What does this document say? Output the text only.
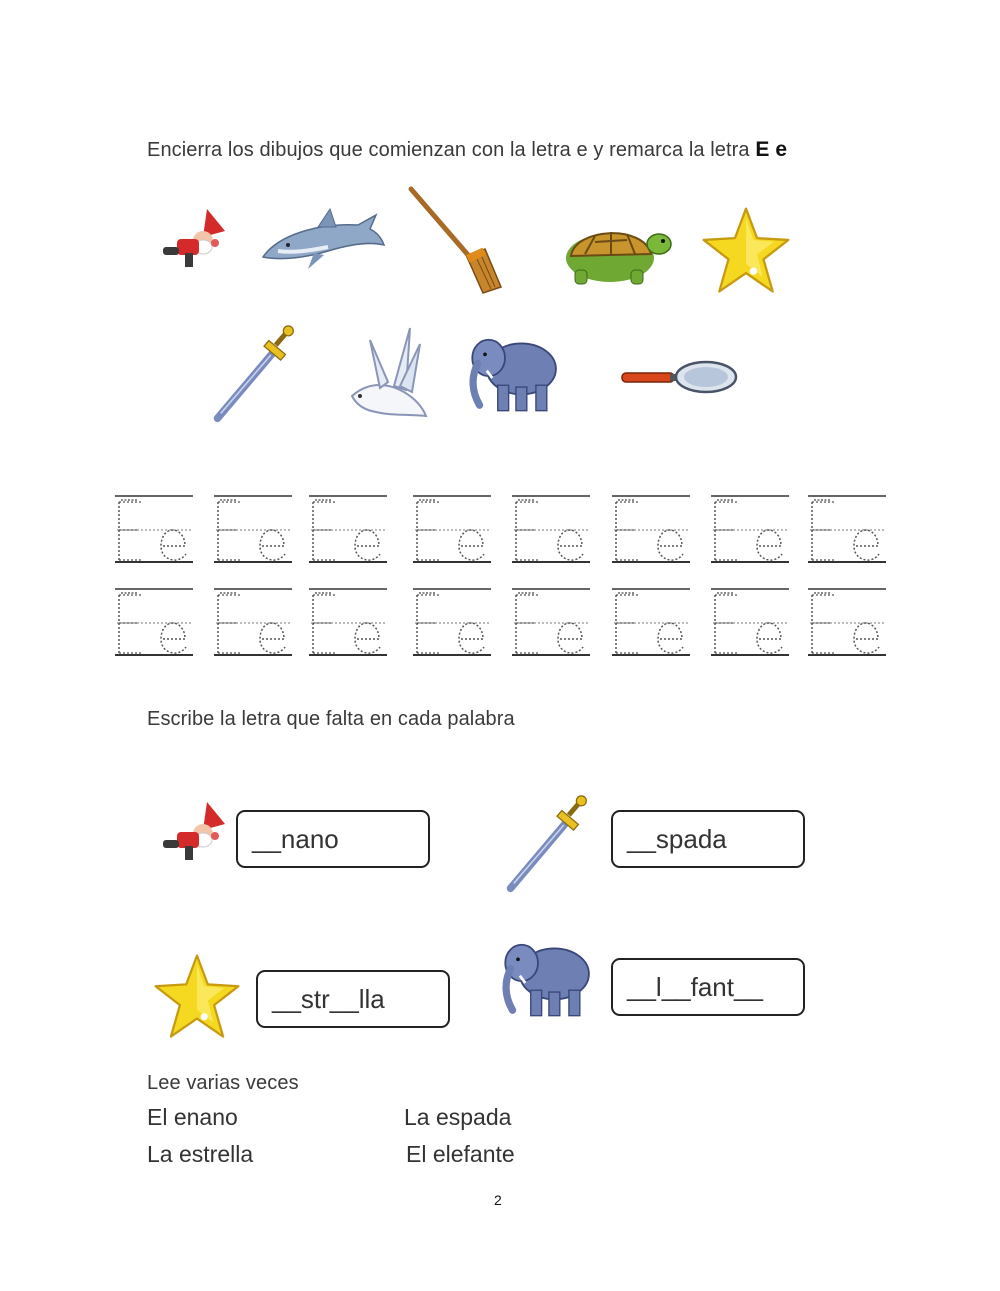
Encierra los dibujos que comienzan con la letra e y remarca la letra E e
Escribe la letra que falta en cada palabra
__nano	__spada
__str__lla	__l__fant__
Lee varias veces
El enano	La espada
La estrella	El elefante
2
